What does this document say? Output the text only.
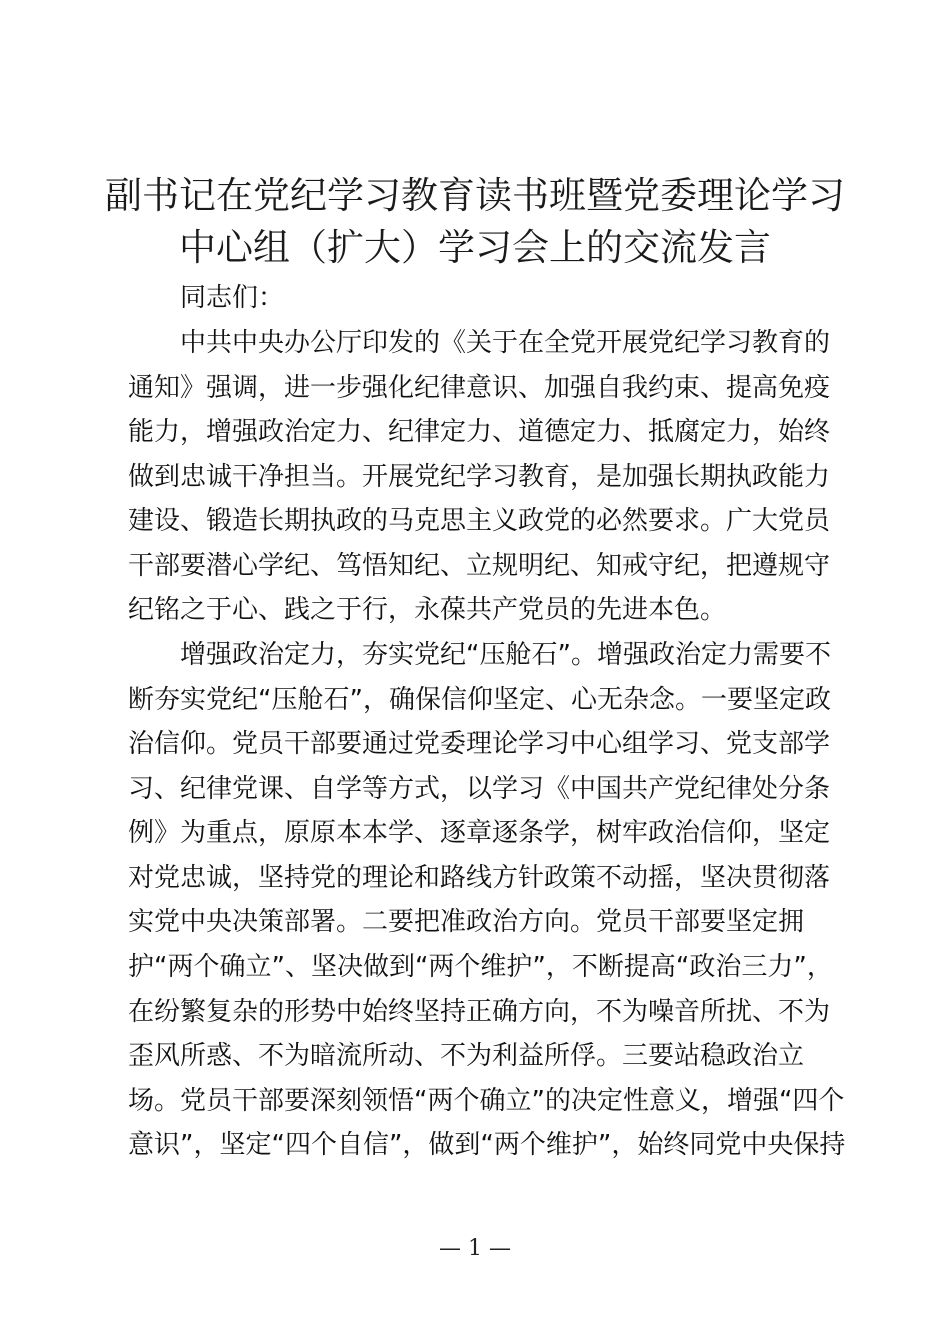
副书记在党纪学习教育读书班暨党委理论学习
中心组（扩大）学习会上的交流发言
同志们：
中共中央办公厅印发的《关于在全党开展党纪学习教育的
通知》强调，进一步强化纪律意识、加强自我约束、提高免疫
能力，增强政治定力、纪律定力、道德定力、抵腐定力，始终
做到忠诚干净担当。开展党纪学习教育，是加强长期执政能力
建设、锻造长期执政的马克思主义政党的必然要求。广大党员
干部要潜心学纪、笃悟知纪、立规明纪、知戒守纪，把遵规守
纪铭之于心、践之于行，永葆共产党员的先进本色。
增强政治定力，夯实党纪“压舱石”。增强政治定力需要不
断夯实党纪“压舱石”，确保信仰坚定、心无杂念。一要坚定政
治信仰。党员干部要通过党委理论学习中心组学习、党支部学
习、纪律党课、自学等方式，以学习《中国共产党纪律处分条
例》为重点，原原本本学、逐章逐条学，树牢政治信仰，坚定
对党忠诚，坚持党的理论和路线方针政策不动摇，坚决贯彻落
实党中央决策部署。二要把准政治方向。党员干部要坚定拥
护“两个确立”、坚决做到“两个维护”，不断提高“政治三力”，
在纷繁复杂的形势中始终坚持正确方向，不为噪音所扰、不为
歪风所惑、不为暗流所动、不为利益所俘。三要站稳政治立
场。党员干部要深刻领悟“两个确立”的决定性意义，增强“四个
意识”，坚定“四个自信”，做到“两个维护”，始终同党中央保持
— 1 —
